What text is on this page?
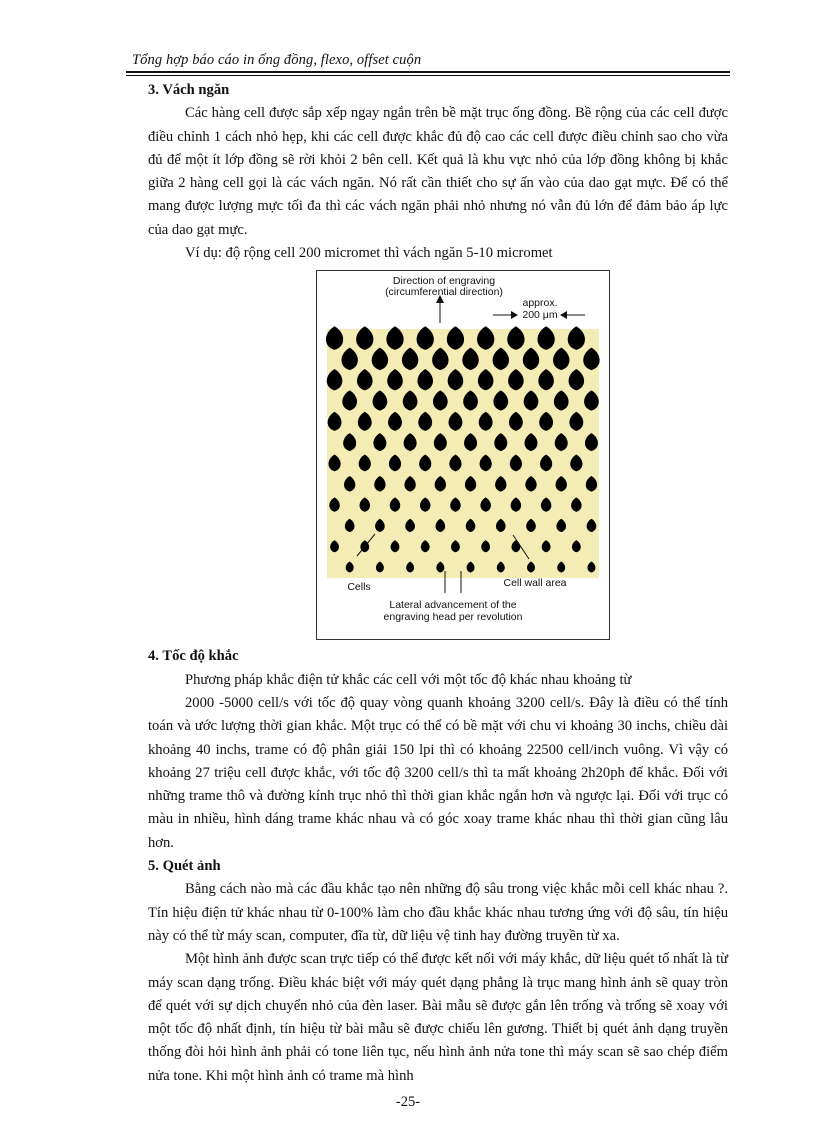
Tổng hợp báo cáo in ống đồng, flexo, offset cuộn
3. Vách ngăn

Các hàng cell được sắp xếp ngay ngắn trên bề mặt trục ống đồng. Bề rộng của các cell được điều chỉnh 1 cách nhỏ hẹp, khi các cell được khắc đủ độ cao các cell được điều chỉnh sao cho vừa đủ để một ít lớp đồng sẽ rời khỏi 2 bên cell. Kết quả là khu vực nhỏ của lớp đồng không bị khắc giữa 2 hàng cell gọi là các vách ngăn. Nó rất cần thiết cho sự ấn vào của dao gạt mực. Để có thể mang được lượng mực tối đa thì các vách ngăn phải nhỏ nhưng nó vẫn đủ lớn để đảm bảo áp lực của dao gạt mực.

Ví dụ: độ rộng cell 200 micromet thì vách ngăn 5-10 micromet

Direction of engraving
(circumferential direction)
approx.
200 μm
Cells	Cell wall area
Lateral advancement of the
engraving head per revolution
4. Tốc độ khắc

Phương pháp khắc điện tử khắc các cell với một tốc độ khác nhau khoảng từ

2000 -5000 cell/s với tốc độ quay vòng quanh khoảng 3200 cell/s. Đây là điều có thể tính toán và ước lượng thời gian khắc. Một trục có thể có bề mặt với chu vi khoảng 30 inchs, chiều dài khoảng 40 inchs, trame có độ phân giải 150 lpi thì có khoảng 22500 cell/inch vuông. Vì vậy có khoảng 27 triệu cell được khắc, với tốc độ 3200 cell/s thì ta mất khoảng 2h20ph để khắc. Đối với những trame thô và đường kính trục nhỏ thì thời gian khắc ngắn hơn và ngược lại. Đối với trục có màu in nhiều, hình dáng trame khác nhau và có góc xoay trame khác nhau thì thời gian cũng lâu hơn.

5. Quét ảnh

Bằng cách nào mà các đầu khắc tạo nên những độ sâu trong việc khắc mỗi cell khác nhau ?. Tín hiệu điện tử khác nhau từ 0-100% làm cho đầu khắc khác nhau tương ứng với độ sâu, tín hiệu này có thể từ máy scan, computer, đĩa từ, dữ liệu vệ tinh hay đường truyền từ xa.

Một hình ảnh được scan trực tiếp có thể được kết nối với máy khắc, dữ liệu quét tố nhất là từ máy scan dạng trống. Điều khác biệt với máy quét dạng phẳng là trục mang hình ảnh sẽ quay tròn để quét với sự dịch chuyển nhỏ của đèn laser. Bài mẫu sẽ được gắn lên trống và trống sẽ xoay với một tốc độ nhất định, tín hiệu từ bài mẫu sẽ được chiếu lên gương. Thiết bị quét ảnh dạng truyền thống đòi hỏi hình ảnh phải có tone liên tục, nếu hình ảnh nửa tone thì máy scan sẽ sao chép điểm nửa tone. Khi một hình ảnh có trame mà hình

-25-
